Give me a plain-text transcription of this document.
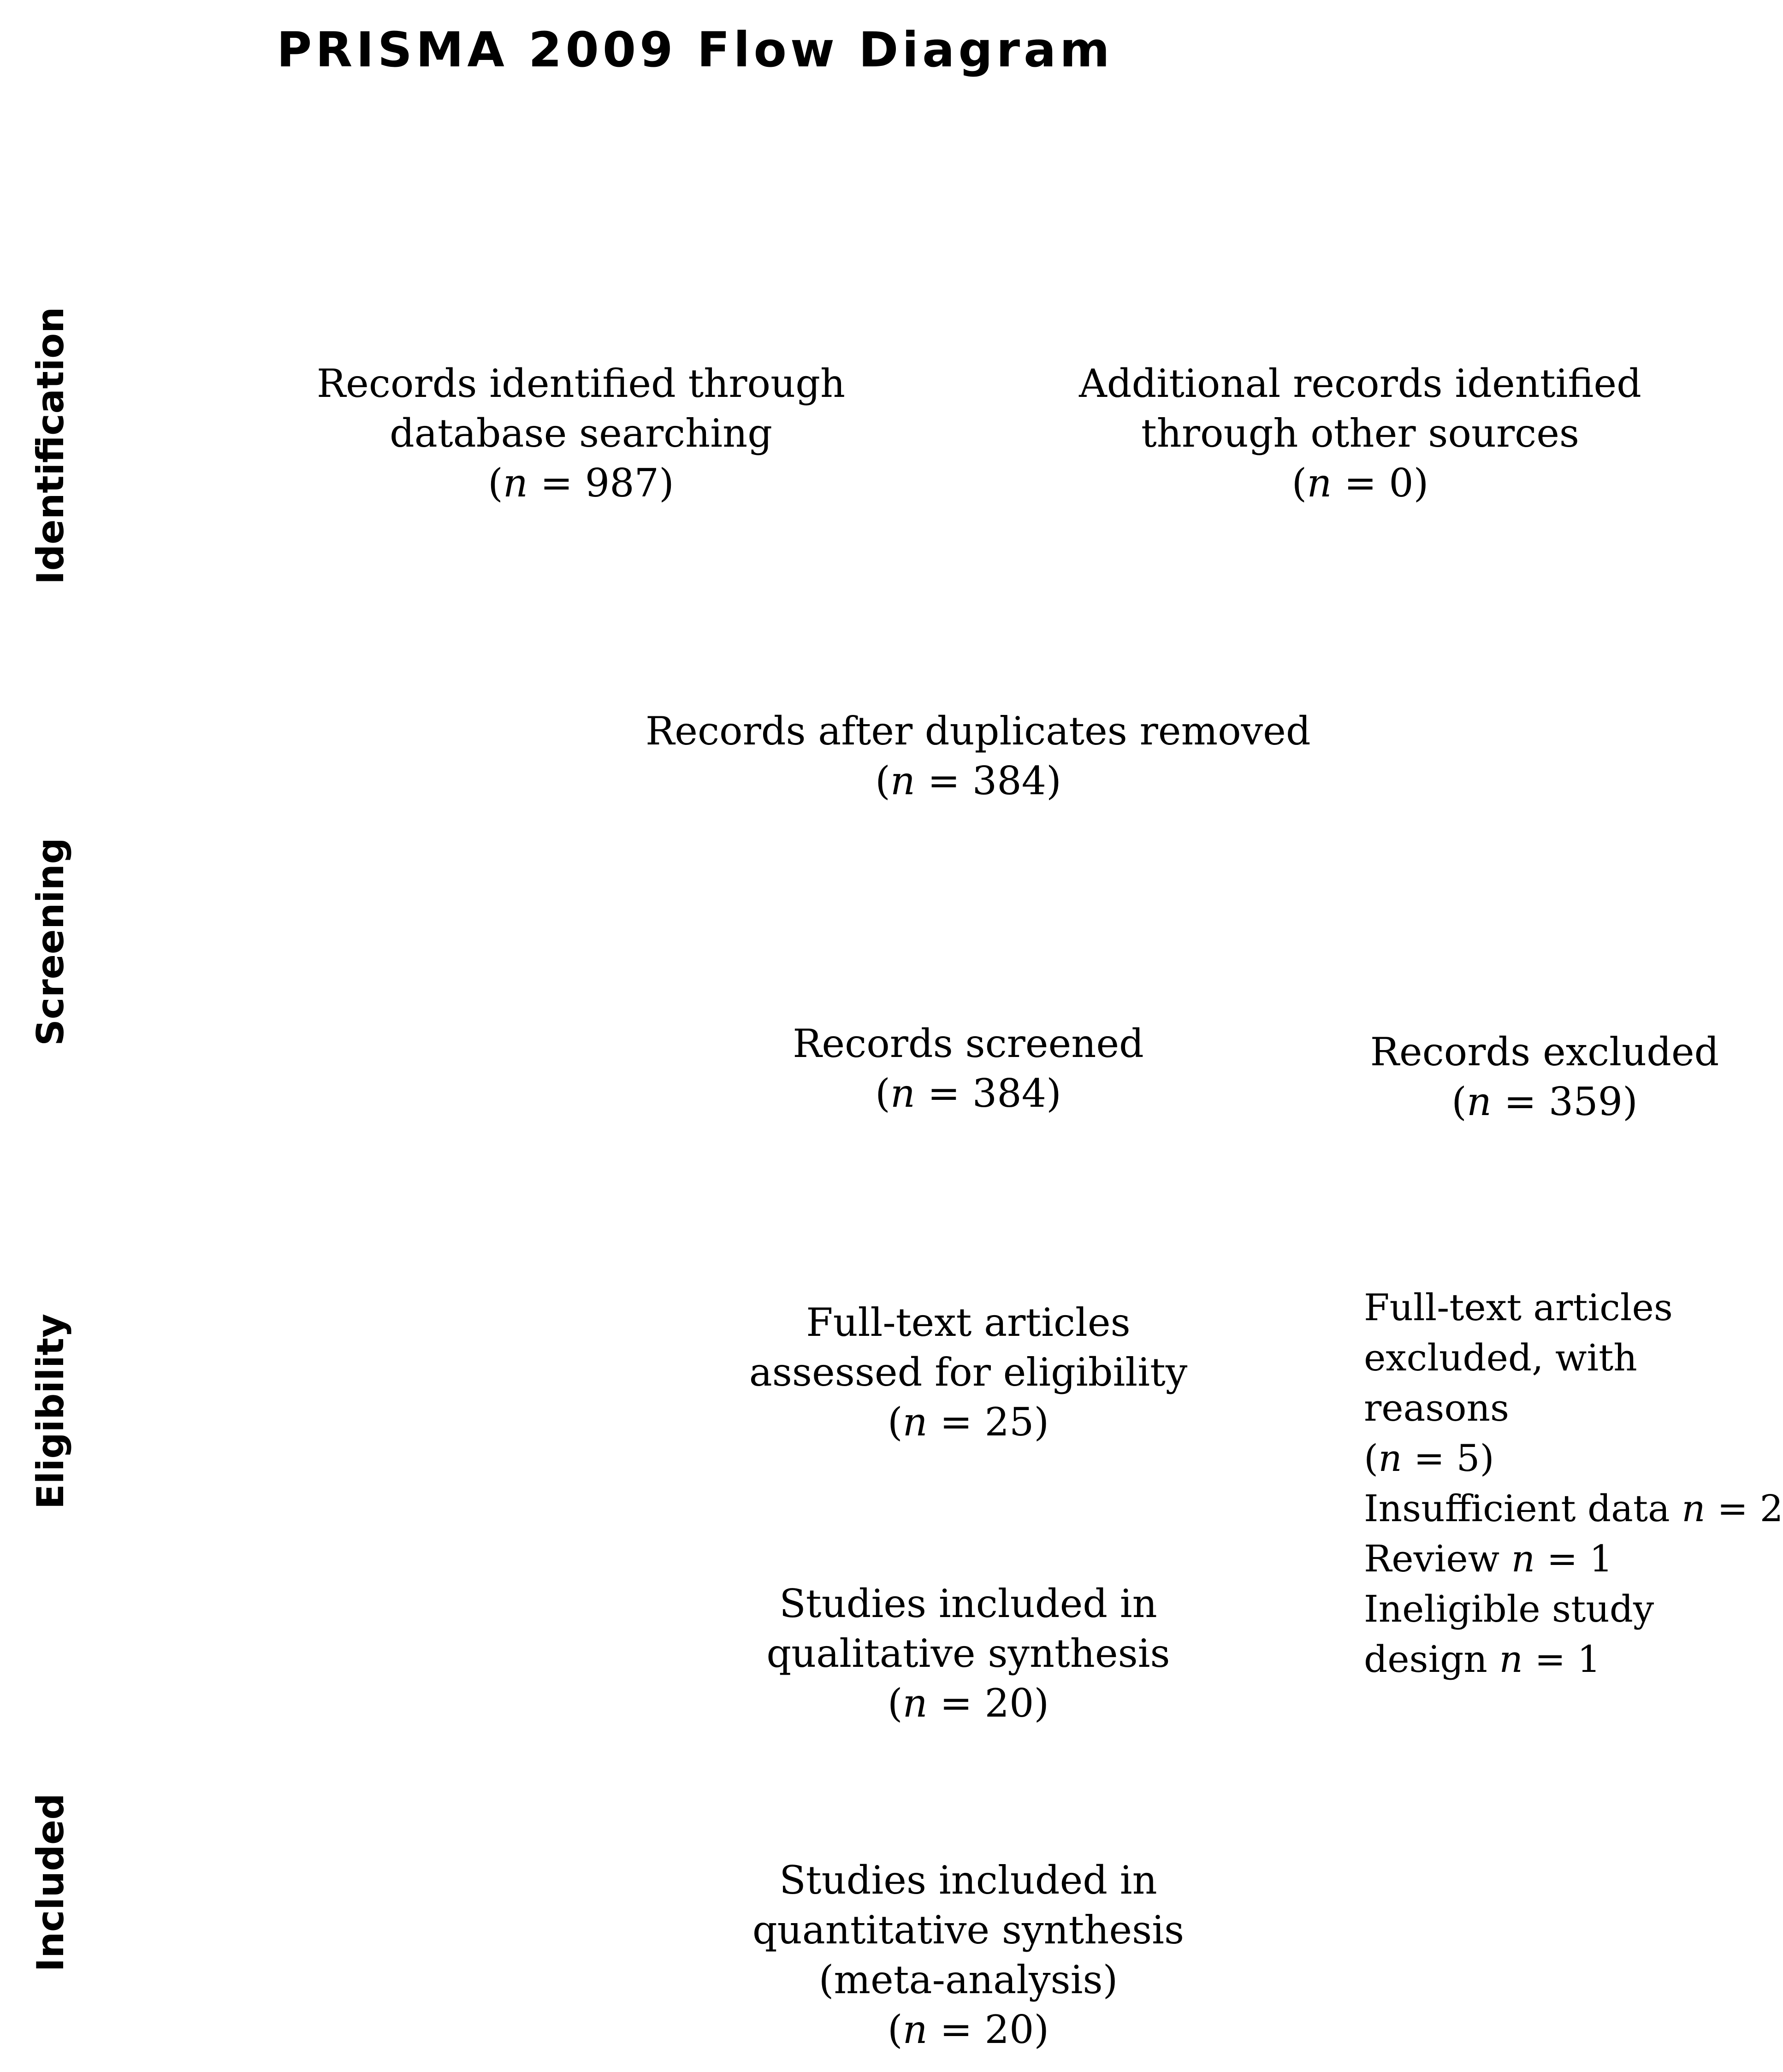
PRISMA 2009 Flow Diagram
Identification
Screening
Eligibility
Included
Records identified through
database searching
(n = 987)
Additional records identified
through other sources
(n = 0)
Records after duplicates removed
(n = 384)
Records screened
(n = 384)
Records excluded
(n = 359)
Full-text articles
assessed for eligibility
(n = 25)
Full-text articles
excluded, with
reasons
(n = 5)
Insufficient data n = 2
Review n = 1
Ineligible study
design n = 1
Studies included in
qualitative synthesis
(n = 20)
Studies included in
quantitative synthesis
(meta-analysis)
(n = 20)
